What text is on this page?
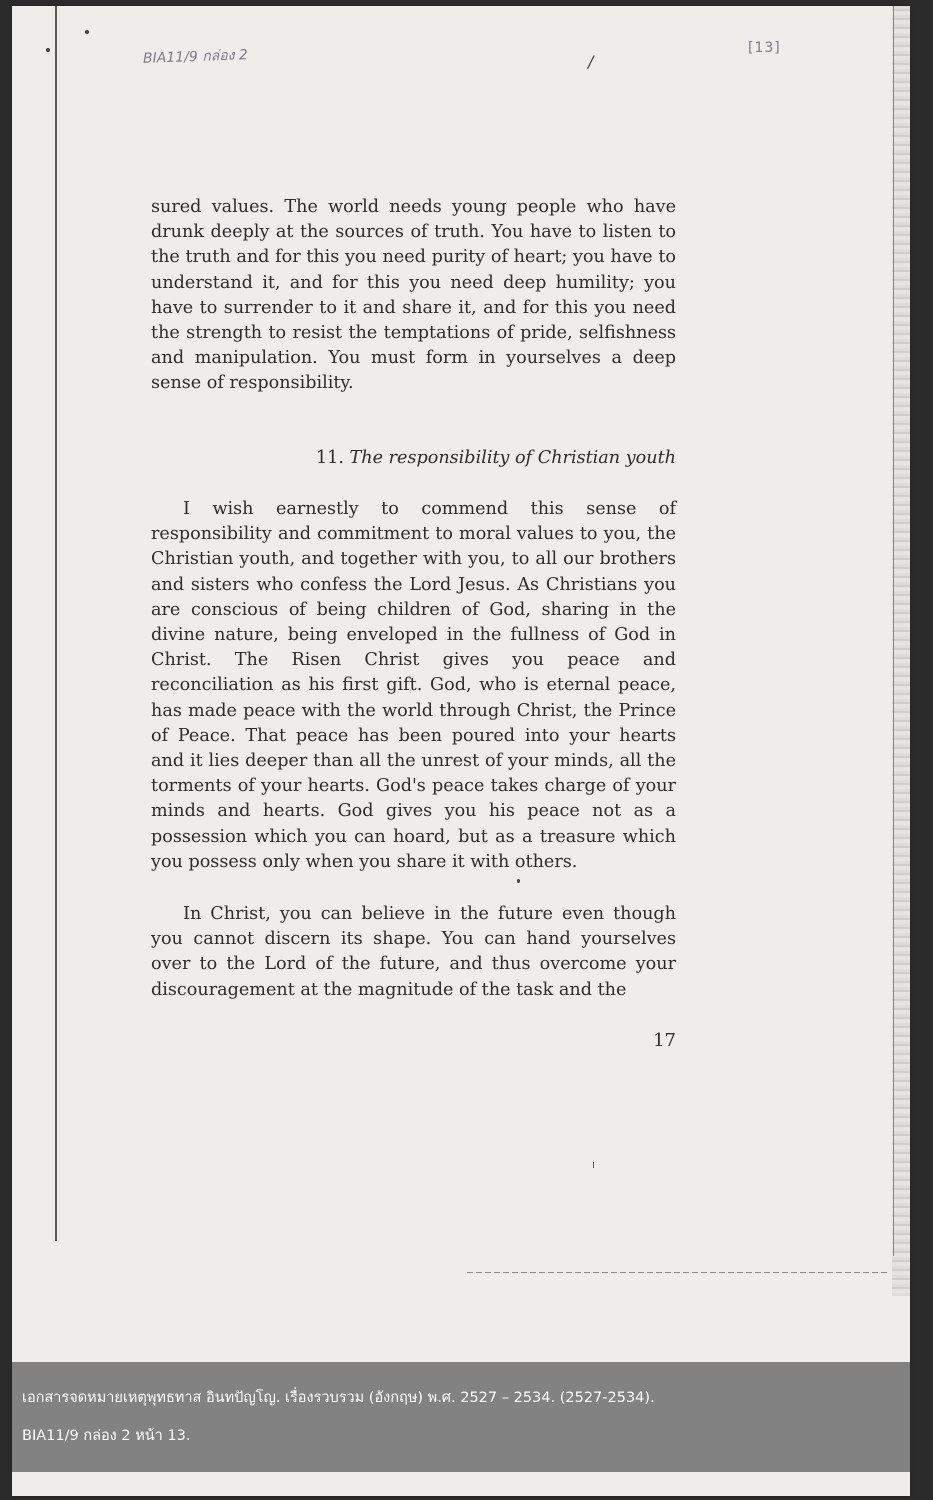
BIA11/9 กล่อง 2	/
[13]

sured values. The world needs young people who have drunk deeply at the sources of truth. You have to listen to the truth and for this you need purity of heart; you have to understand it, and for this you need deep humility; you have to surrender to it and share it, and for this you need the strength to resist the temptations of pride, selfishness and manipulation. You must form in yourselves a deep sense of responsibility.

11. The responsibility of Christian youth

I wish earnestly to commend this sense of responsibility and commitment to moral values to you, the Christian youth, and together with you, to all our brothers and sisters who confess the Lord Jesus. As Christians you are conscious of being children of God, sharing in the divine nature, being enveloped in the fullness of God in Christ. The Risen Christ gives you peace and reconciliation as his first gift. God, who is eternal peace, has made peace with the world through Christ, the Prince of Peace. That peace has been poured into your hearts and it lies deeper than all the unrest of your minds, all the torments of your hearts. God's peace takes charge of your minds and hearts. God gives you his peace not as a possession which you can hoard, but as a treasure which you possess only when you share it with others.

In Christ, you can believe in the future even though you cannot discern its shape. You can hand yourselves over to the Lord of the future, and thus overcome your discouragement at the magnitude of the task and the

17
เอกสารจดหมายเหตุพุทธทาส อินทปัญโญ. เรื่องรวบรวม (อังกฤษ) พ.ศ. 2527 – 2534. (2527-2534).
BIA11/9 กล่อง 2 หน้า 13.
